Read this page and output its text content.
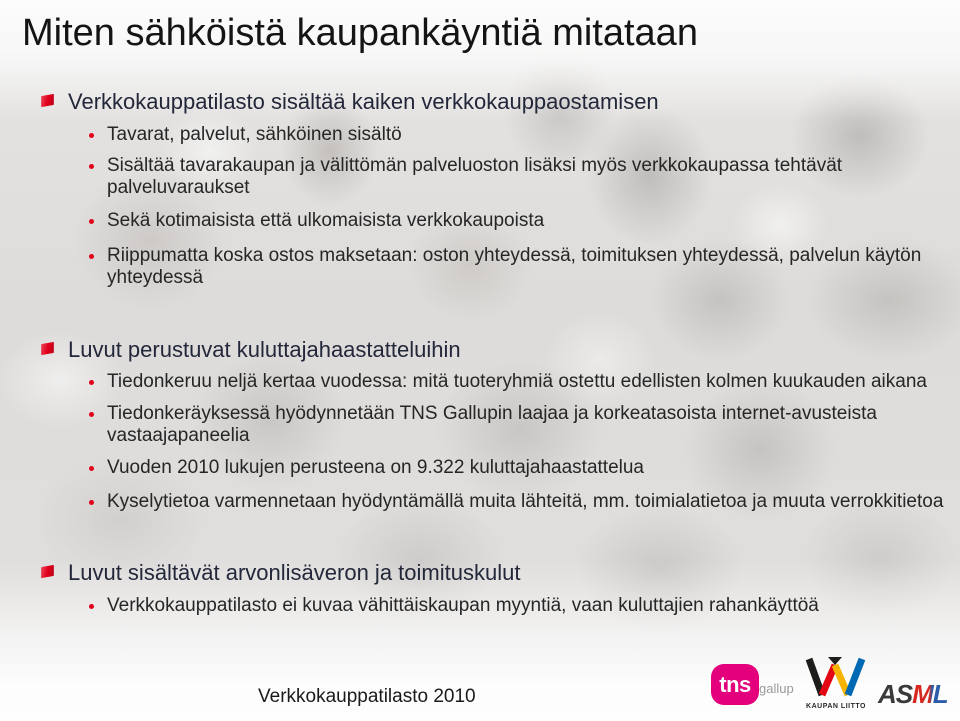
Miten sähköistä kaupankäyntiä mitataan
Verkkokauppatilasto sisältää kaiken verkkokauppaostamisen
Tavarat, palvelut, sähköinen sisältö
Sisältää tavarakaupan ja välittömän palveluoston lisäksi myös verkkokaupassa tehtävät palveluvaraukset
Sekä kotimaisista että ulkomaisista verkkokaupoista
Riippumatta koska ostos maksetaan: oston yhteydessä, toimituksen yhteydessä, palvelun käytön yhteydessä
Luvut perustuvat kuluttajahaastatteluihin
Tiedonkeruu neljä kertaa vuodessa: mitä tuoteryhmiä ostettu edellisten kolmen kuukauden aikana
Tiedonkeräyksessä hyödynnetään TNS Gallupin laajaa ja korkeatasoista internet-avusteista vastaajapaneelia
Vuoden 2010 lukujen perusteena on 9.322 kuluttajahaastattelua
Kyselytietoa varmennetaan hyödyntämällä muita lähteitä, mm. toimialatietoa ja muuta verrokkitietoa
Luvut sisältävät arvonlisäveron ja toimituskulut
Verkkokauppatilasto ei kuvaa vähittäiskaupan myyntiä, vaan kuluttajien rahankäyttöä
Verkkokauppatilasto 2010	tns gallup
KAUPAN LIITTO ASML
